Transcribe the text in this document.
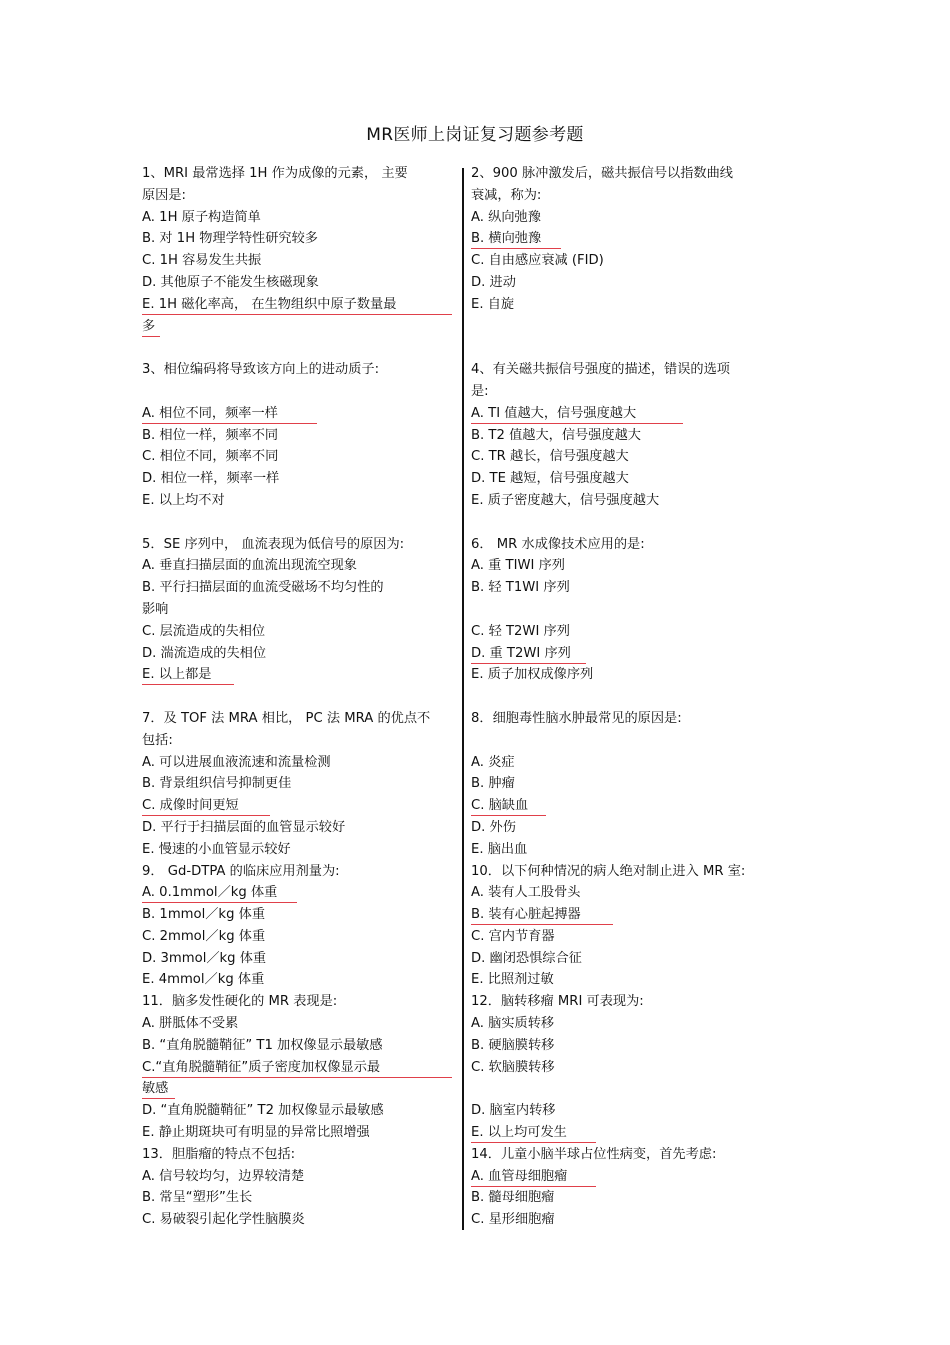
MR医师上岗证复习题参考题
1、MRI 最常选择 1H 作为成像的元素， 主要
原因是:
A. 1H 原子构造简单
B. 对 1H 物理学特性研究较多
C. 1H 容易发生共振
D. 其他原子不能发生核磁现象
E. 1H 磁化率高， 在生物组织中原子数量最
多
3、相位编码将导致该方向上的进动质子:
A. 相位不同，频率一样
B. 相位一样，频率不同
C. 相位不同，频率不同
D. 相位一样，频率一样
E. 以上均不对
5．SE 序列中， 血流表现为低信号的原因为:
A. 垂直扫描层面的血流出现流空现象
B. 平行扫描层面的血流受磁场不均匀性的
影响
C. 层流造成的失相位
D. 湍流造成的失相位
E. 以上都是
7．及 TOF 法 MRA 相比， PC 法 MRA 的优点不
包括:
A. 可以进展血液流速和流量检测
B. 背景组织信号抑制更佳
C. 成像时间更短
D. 平行于扫描层面的血管显示较好
E. 慢速的小血管显示较好
9． Gd-DTPA 的临床应用剂量为:
A. 0.1mmol／kg 体重
B. 1mmol／kg 体重
C. 2mmol／kg 体重
D. 3mmol／kg 体重
E. 4mmol／kg 体重
11．脑多发性硬化的 MR 表现是:
A. 胼胝体不受累
B. “直角脱髓鞘征” T1 加权像显示最敏感
C.“直角脱髓鞘征”质子密度加权像显示最
敏感
D. “直角脱髓鞘征” T2 加权像显示最敏感
E. 静止期斑块可有明显的异常比照增强
13．胆脂瘤的特点不包括:
A. 信号较均匀，边界较清楚
B. 常呈“塑形”生长
C. 易破裂引起化学性脑膜炎
2、900 脉冲激发后，磁共振信号以指数曲线
衰减，称为:
A. 纵向弛豫
B. 横向弛豫
C. 自由感应衰减 (FID)
D. 进动
E. 自旋
4、有关磁共振信号强度的描述，错误的选项
是:
A. TI 值越大，信号强度越大
B. T2 值越大，信号强度越大
C. TR 越长，信号强度越大
D. TE 越短，信号强度越大
E. 质子密度越大，信号强度越大
6． MR 水成像技术应用的是:
A. 重 TIWI 序列
B. 轻 T1WI 序列
C. 轻 T2WI 序列
D. 重 T2WI 序列
E. 质子加权成像序列
8．细胞毒性脑水肿最常见的原因是:
A. 炎症
B. 肿瘤
C. 脑缺血
D. 外伤
E. 脑出血
10．以下何种情况的病人绝对制止进入 MR 室:
A. 装有人工股骨头
B. 装有心脏起搏器
C. 宫内节育器
D. 幽闭恐惧综合征
E. 比照剂过敏
12．脑转移瘤 MRI 可表现为:
A. 脑实质转移
B. 硬脑膜转移
C. 软脑膜转移
D. 脑室内转移
E. 以上均可发生
14．儿童小脑半球占位性病变，首先考虑:
A. 血管母细胞瘤
B. 髓母细胞瘤
C. 星形细胞瘤
